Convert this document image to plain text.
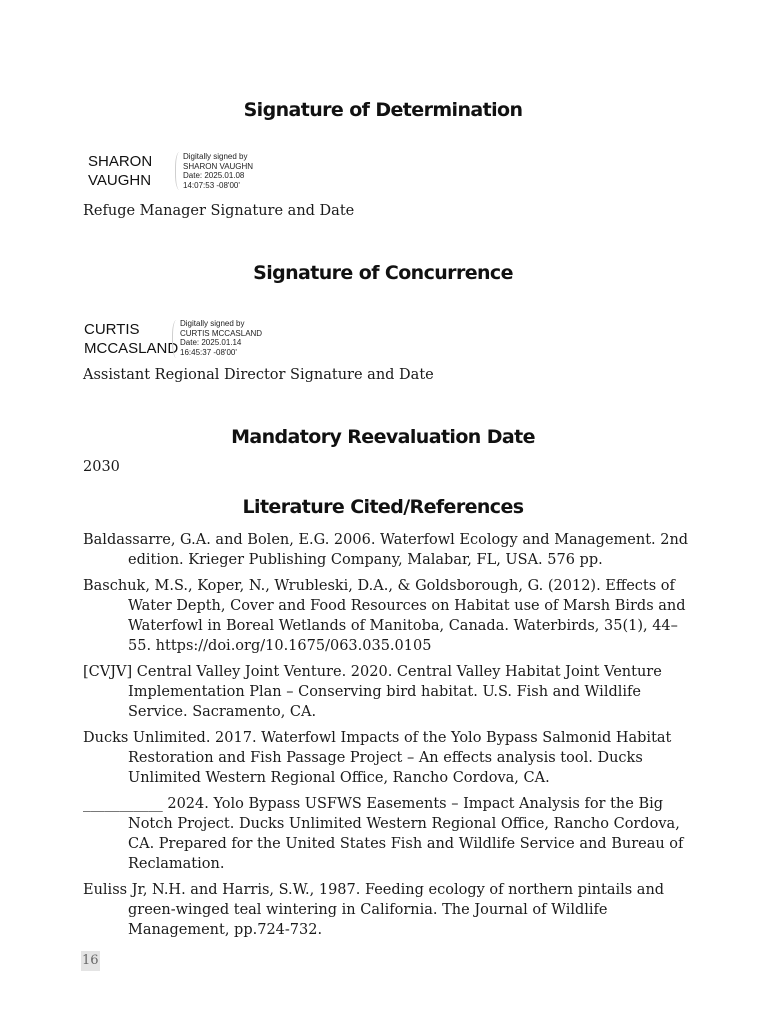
Signature of Determination
SHARON
VAUGHN
Digitally signed by
SHARON VAUGHN
Date: 2025.01.08
14:07:53 -08'00'
Refuge Manager Signature and Date
Signature of Concurrence
CURTIS
MCCASLAND
Digitally signed by
CURTIS MCCASLAND
Date: 2025.01.14
16:45:37 -08'00'
Assistant Regional Director Signature and Date
Mandatory Reevaluation Date
2030
Literature Cited/References
Baldassarre, G.A. and Bolen, E.G. 2006. Waterfowl Ecology and Management. 2nd edition. Krieger Publishing Company, Malabar, FL, USA. 576 pp.
Baschuk, M.S., Koper, N., Wrubleski, D.A., & Goldsborough, G. (2012). Effects of Water Depth, Cover and Food Resources on Habitat use of Marsh Birds and Waterfowl in Boreal Wetlands of Manitoba, Canada. Waterbirds, 35(1), 44–55. https://doi.org/10.1675/063.035.0105
[CVJV] Central Valley Joint Venture. 2020. Central Valley Habitat Joint Venture Implementation Plan – Conserving bird habitat. U.S. Fish and Wildlife Service. Sacramento, CA.
Ducks Unlimited. 2017. Waterfowl Impacts of the Yolo Bypass Salmonid Habitat Restoration and Fish Passage Project – An effects analysis tool. Ducks Unlimited Western Regional Office, Rancho Cordova, CA.
___________ 2024. Yolo Bypass USFWS Easements – Impact Analysis for the Big Notch Project. Ducks Unlimited Western Regional Office, Rancho Cordova, CA. Prepared for the United States Fish and Wildlife Service and Bureau of Reclamation.
Euliss Jr, N.H. and Harris, S.W., 1987. Feeding ecology of northern pintails and green-winged teal wintering in California. The Journal of Wildlife Management, pp.724-732.
16
